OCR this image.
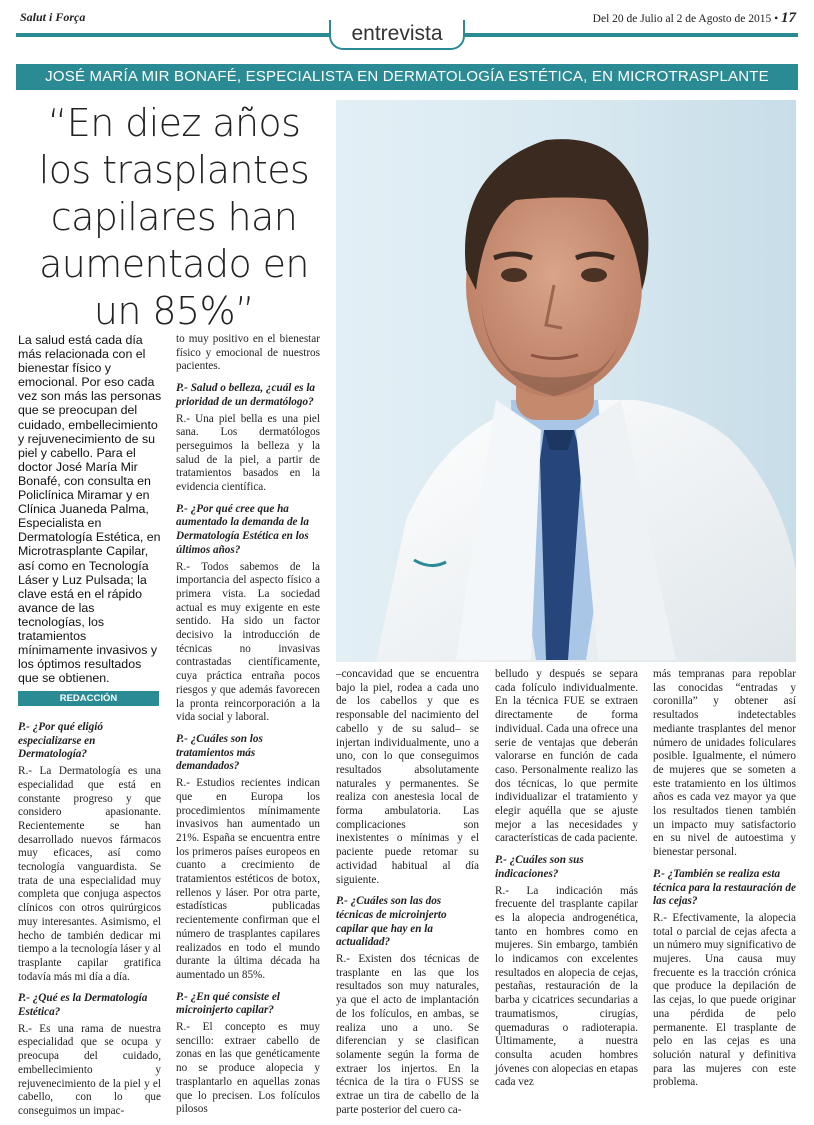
Salut i Força	Del 20 de Julio al 2 de Agosto de 2015 • 17
entrevista
JOSÉ MARÍA MIR BONAFÉ, ESPECIALISTA EN DERMATOLOGÍA ESTÉTICA, EN MICROTRASPLANTE
“En diez años los trasplantes capilares han aumentado en un 85%”
La salud está cada día más relacionada con el bienestar físico y emocional. Por eso cada vez son más las personas que se preocupan del cuidado, embellecimiento y rejuvenecimiento de su piel y cabello. Para el doctor José María Mir Bonafé, con consulta en Policlínica Miramar y en Clínica Juaneda Palma, Especialista en Dermatología Estética, en Microtrasplante Capilar, así como en Tecnología Láser y Luz Pulsada; la clave está en el rápido avance de las tecnologías, los tratamientos mínimamente invasivos y los óptimos resultados que se obtienen.
REDACCIÓN

P.- ¿Por qué eligió especializarse en Dermatología?

R.- La Dermatología es una especialidad que está en constante progreso y que considero apasionante. Recientemente se han desarrollado nuevos fármacos muy eficaces, así como tecnología vanguardista. Se trata de una especialidad muy completa que conjuga aspectos clínicos con otros quirúrgicos muy interesantes. Asimismo, el hecho de también dedicar mi tiempo a la tecnología láser y al trasplante capilar gratifica todavía más mi día a día.

P.- ¿Qué es la Dermatología Estética?

R.- Es una rama de nuestra especialidad que se ocupa y preocupa del cuidado, embellecimiento y rejuvenecimiento de la piel y el cabello, con lo que conseguimos un impac-

to muy positivo en el bienestar físico y emocional de nuestros pacientes.

P.- Salud o belleza, ¿cuál es la prioridad de un dermatólogo?

R.- Una piel bella es una piel sana. Los dermatólogos perseguimos la belleza y la salud de la piel, a partir de tratamientos basados en la evidencia científica.

P.- ¿Por qué cree que ha aumentado la demanda de la Dermatología Estética en los últimos años?

R.- Todos sabemos de la importancia del aspecto físico a primera vista. La sociedad actual es muy exigente en este sentido. Ha sido un factor decisivo la introducción de técnicas no invasivas contrastadas científicamente, cuya práctica entraña pocos riesgos y que además favorecen la pronta reincorporación a la vida social y laboral.

P.- ¿Cuáles son los tratamientos más demandados?

R.- Estudios recientes indican que en Europa los procedimientos mínimamente invasivos han aumentado un 21%. España se encuentra entre los primeros países europeos en cuanto a crecimiento de tratamientos estéticos de botox, rellenos y láser. Por otra parte, estadísticas publicadas recientemente confirman que el número de trasplantes capilares realizados en todo el mundo durante la última década ha aumentado un 85%.

P.- ¿En qué consiste el microinjerto capilar?

R.- El concepto es muy sencillo: extraer cabello de zonas en las que genéticamente no se produce alopecia y trasplantarlo en aquellas zonas que lo precisen. Los folículos pilosos

–concavidad que se encuentra bajo la piel, rodea a cada uno de los cabellos y que es responsable del nacimiento del cabello y de su salud– se injertan individualmente, uno a uno, con lo que conseguimos resultados absolutamente naturales y permanentes. Se realiza con anestesia local de forma ambulatoria. Las complicaciones son inexistentes o mínimas y el paciente puede retomar su actividad habitual al día siguiente.

P.- ¿Cuáles son las dos técnicas de microinjerto capilar que hay en la actualidad?

R.- Existen dos técnicas de trasplante en las que los resultados son muy naturales, ya que el acto de implantación de los folículos, en ambas, se realiza uno a uno. Se diferencian y se clasifican solamente según la forma de extraer los injertos. En la técnica de la tira o FUSS se extrae un tira de cabello de la parte posterior del cuero ca-

belludo y después se separa cada folículo individualmente. En la técnica FUE se extraen directamente de forma individual. Cada una ofrece una serie de ventajas que deberán valorarse en función de cada caso. Personalmente realizo las dos técnicas, lo que permite individualizar el tratamiento y elegir aquélla que se ajuste mejor a las necesidades y características de cada paciente.

P.- ¿Cuáles son sus indicaciones?

R.- La indicación más frecuente del trasplante capilar es la alopecia androgenética, tanto en hombres como en mujeres. Sin embargo, también lo indicamos con excelentes resultados en alopecia de cejas, pestañas, restauración de la barba y cicatrices secundarias a traumatismos, cirugías, quemaduras o radioterapia. Últimamente, a nuestra consulta acuden hombres jóvenes con alopecias en etapas cada vez

más tempranas para repoblar las conocidas “entradas y coronilla” y obtener así resultados indetectables mediante trasplantes del menor número de unidades foliculares posible. Igualmente, el número de mujeres que se someten a este tratamiento en los últimos años es cada vez mayor ya que los resultados tienen también un impacto muy satisfactorio en su nivel de autoestima y bienestar personal.

P.- ¿También se realiza esta técnica para la restauración de las cejas?

R.- Efectivamente, la alopecia total o parcial de cejas afecta a un número muy significativo de mujeres. Una causa muy frecuente es la tracción crónica que produce la depilación de las cejas, lo que puede originar una pérdida de pelo permanente. El trasplante de pelo en las cejas es una solución natural y definitiva para las mujeres con este problema.
